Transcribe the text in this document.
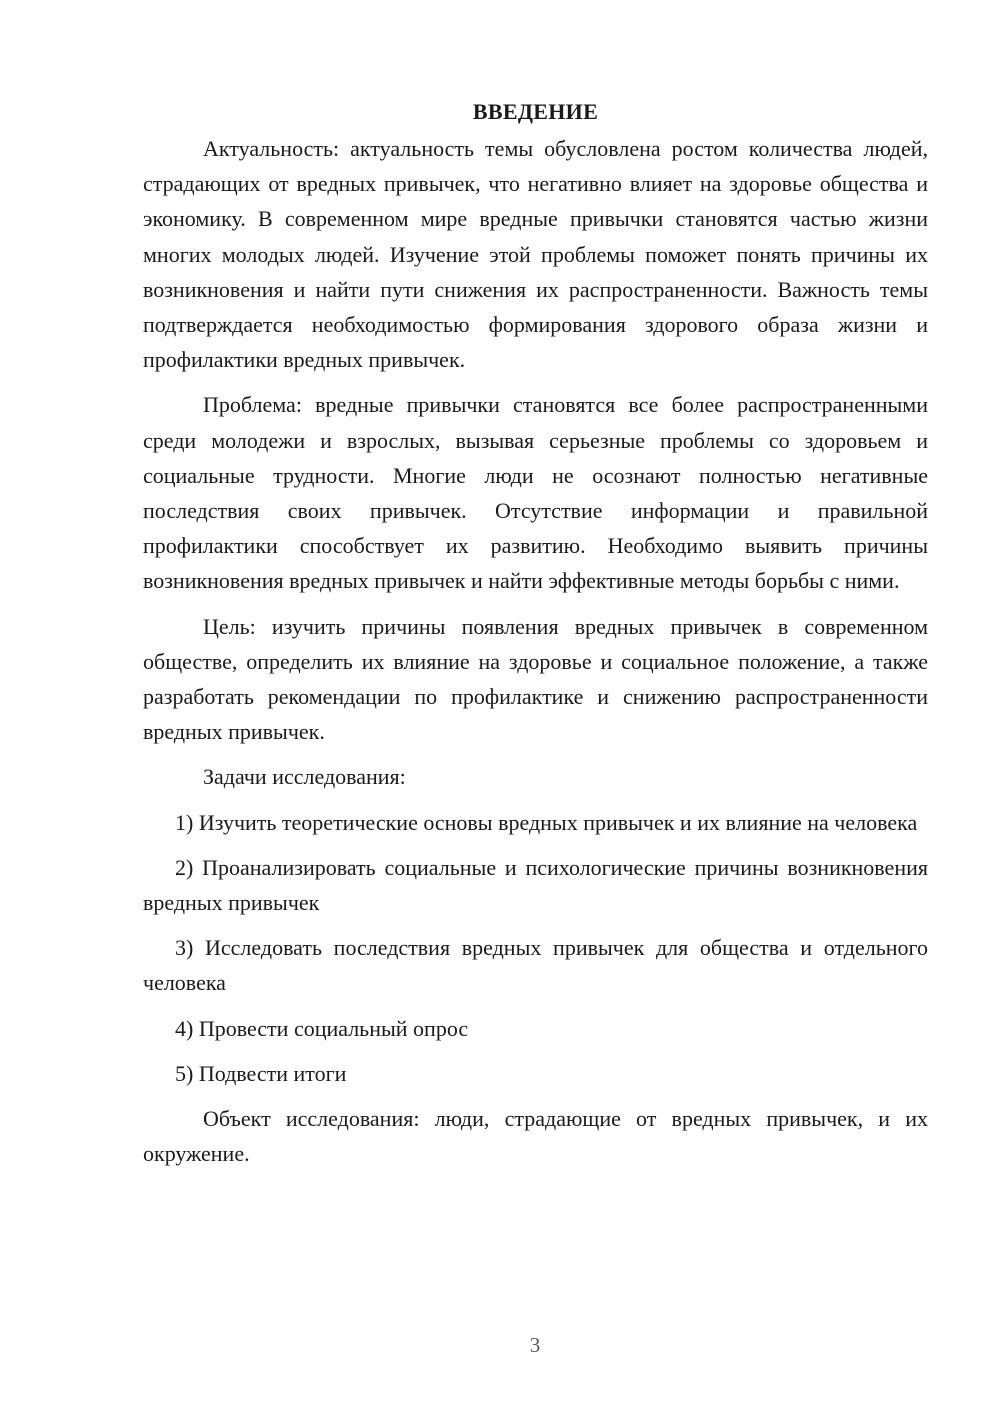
ВВЕДЕНИЕ

Актуальность: актуальность темы обусловлена ростом количества людей, страдающих от вредных привычек, что негативно влияет на здоровье общества и экономику. В современном мире вредные привычки становятся частью жизни многих молодых людей. Изучение этой проблемы поможет понять причины их возникновения и найти пути снижения их распространенности. Важность темы подтверждается необходимостью формирования здорового образа жизни и профилактики вредных привычек.

Проблема: вредные привычки становятся все более распространенными среди молодежи и взрослых, вызывая серьезные проблемы со здоровьем и социальные трудности. Многие люди не осознают полностью негативные последствия своих привычек. Отсутствие информации и правильной профилактики способствует их развитию. Необходимо выявить причины возникновения вредных привычек и найти эффективные методы борьбы с ними.

Цель: изучить причины появления вредных привычек в современном обществе, определить их влияние на здоровье и социальное положение, а также разработать рекомендации по профилактике и снижению распространенности вредных привычек.

Задачи исследования:

1) Изучить теоретические основы вредных привычек и их влияние на человека

2) Проанализировать социальные и психологические причины возникновения вредных привычек

3) Исследовать последствия вредных привычек для общества и отдельного человека

4) Провести социальный опрос

5) Подвести итоги

Объект исследования: люди, страдающие от вредных привычек, и их окружение.

3
